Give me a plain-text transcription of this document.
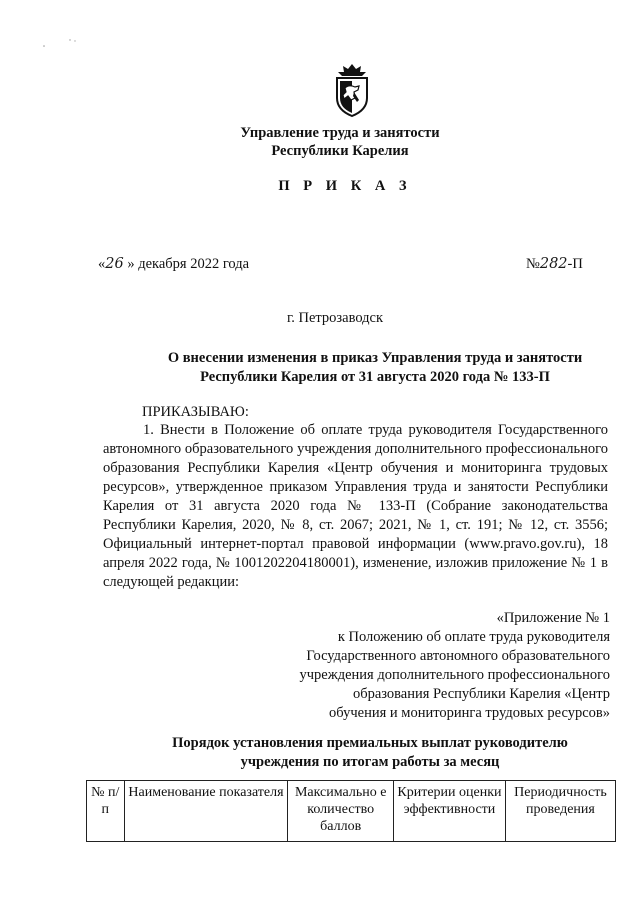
Управление труда и занятости
Республики Карелия
П Р И К А З
«26 » декабря 2022 года	№282-П
г. Петрозаводск
О внесении изменения в приказ Управления труда и занятости
Республики Карелия от 31 августа 2020 года № 133-П
ПРИКАЗЫВАЮ:
1. Внести в Положение об оплате труда руководителя Государственного автономного образовательного учреждения дополнительного профессионального образования Республики Карелия «Центр обучения и мониторинга трудовых ресурсов», утвержденное приказом Управления труда и занятости Республики Карелия от 31 августа 2020 года № 133-П (Собрание законодательства Республики Карелия, 2020, № 8, ст. 2067; 2021, № 1, ст. 191; № 12, ст. 3556; Официальный интернет-портал правовой информации (www.pravo.gov.ru), 18 апреля 2022 года, № 1001202204180001), изменение, изложив приложение № 1 в следующей редакции:
«Приложение № 1
к Положению об оплате труда руководителя
Государственного автономного образовательного
учреждения дополнительного профессионального
образования Республики Карелия «Центр
обучения и мониторинга трудовых ресурсов»
Порядок установления премиальных выплат руководителю
учреждения по итогам работы за месяц
№ п/п	Наименование показателя	Максимально е количество баллов	Критерии оценки эффективности	Периодичность проведения
